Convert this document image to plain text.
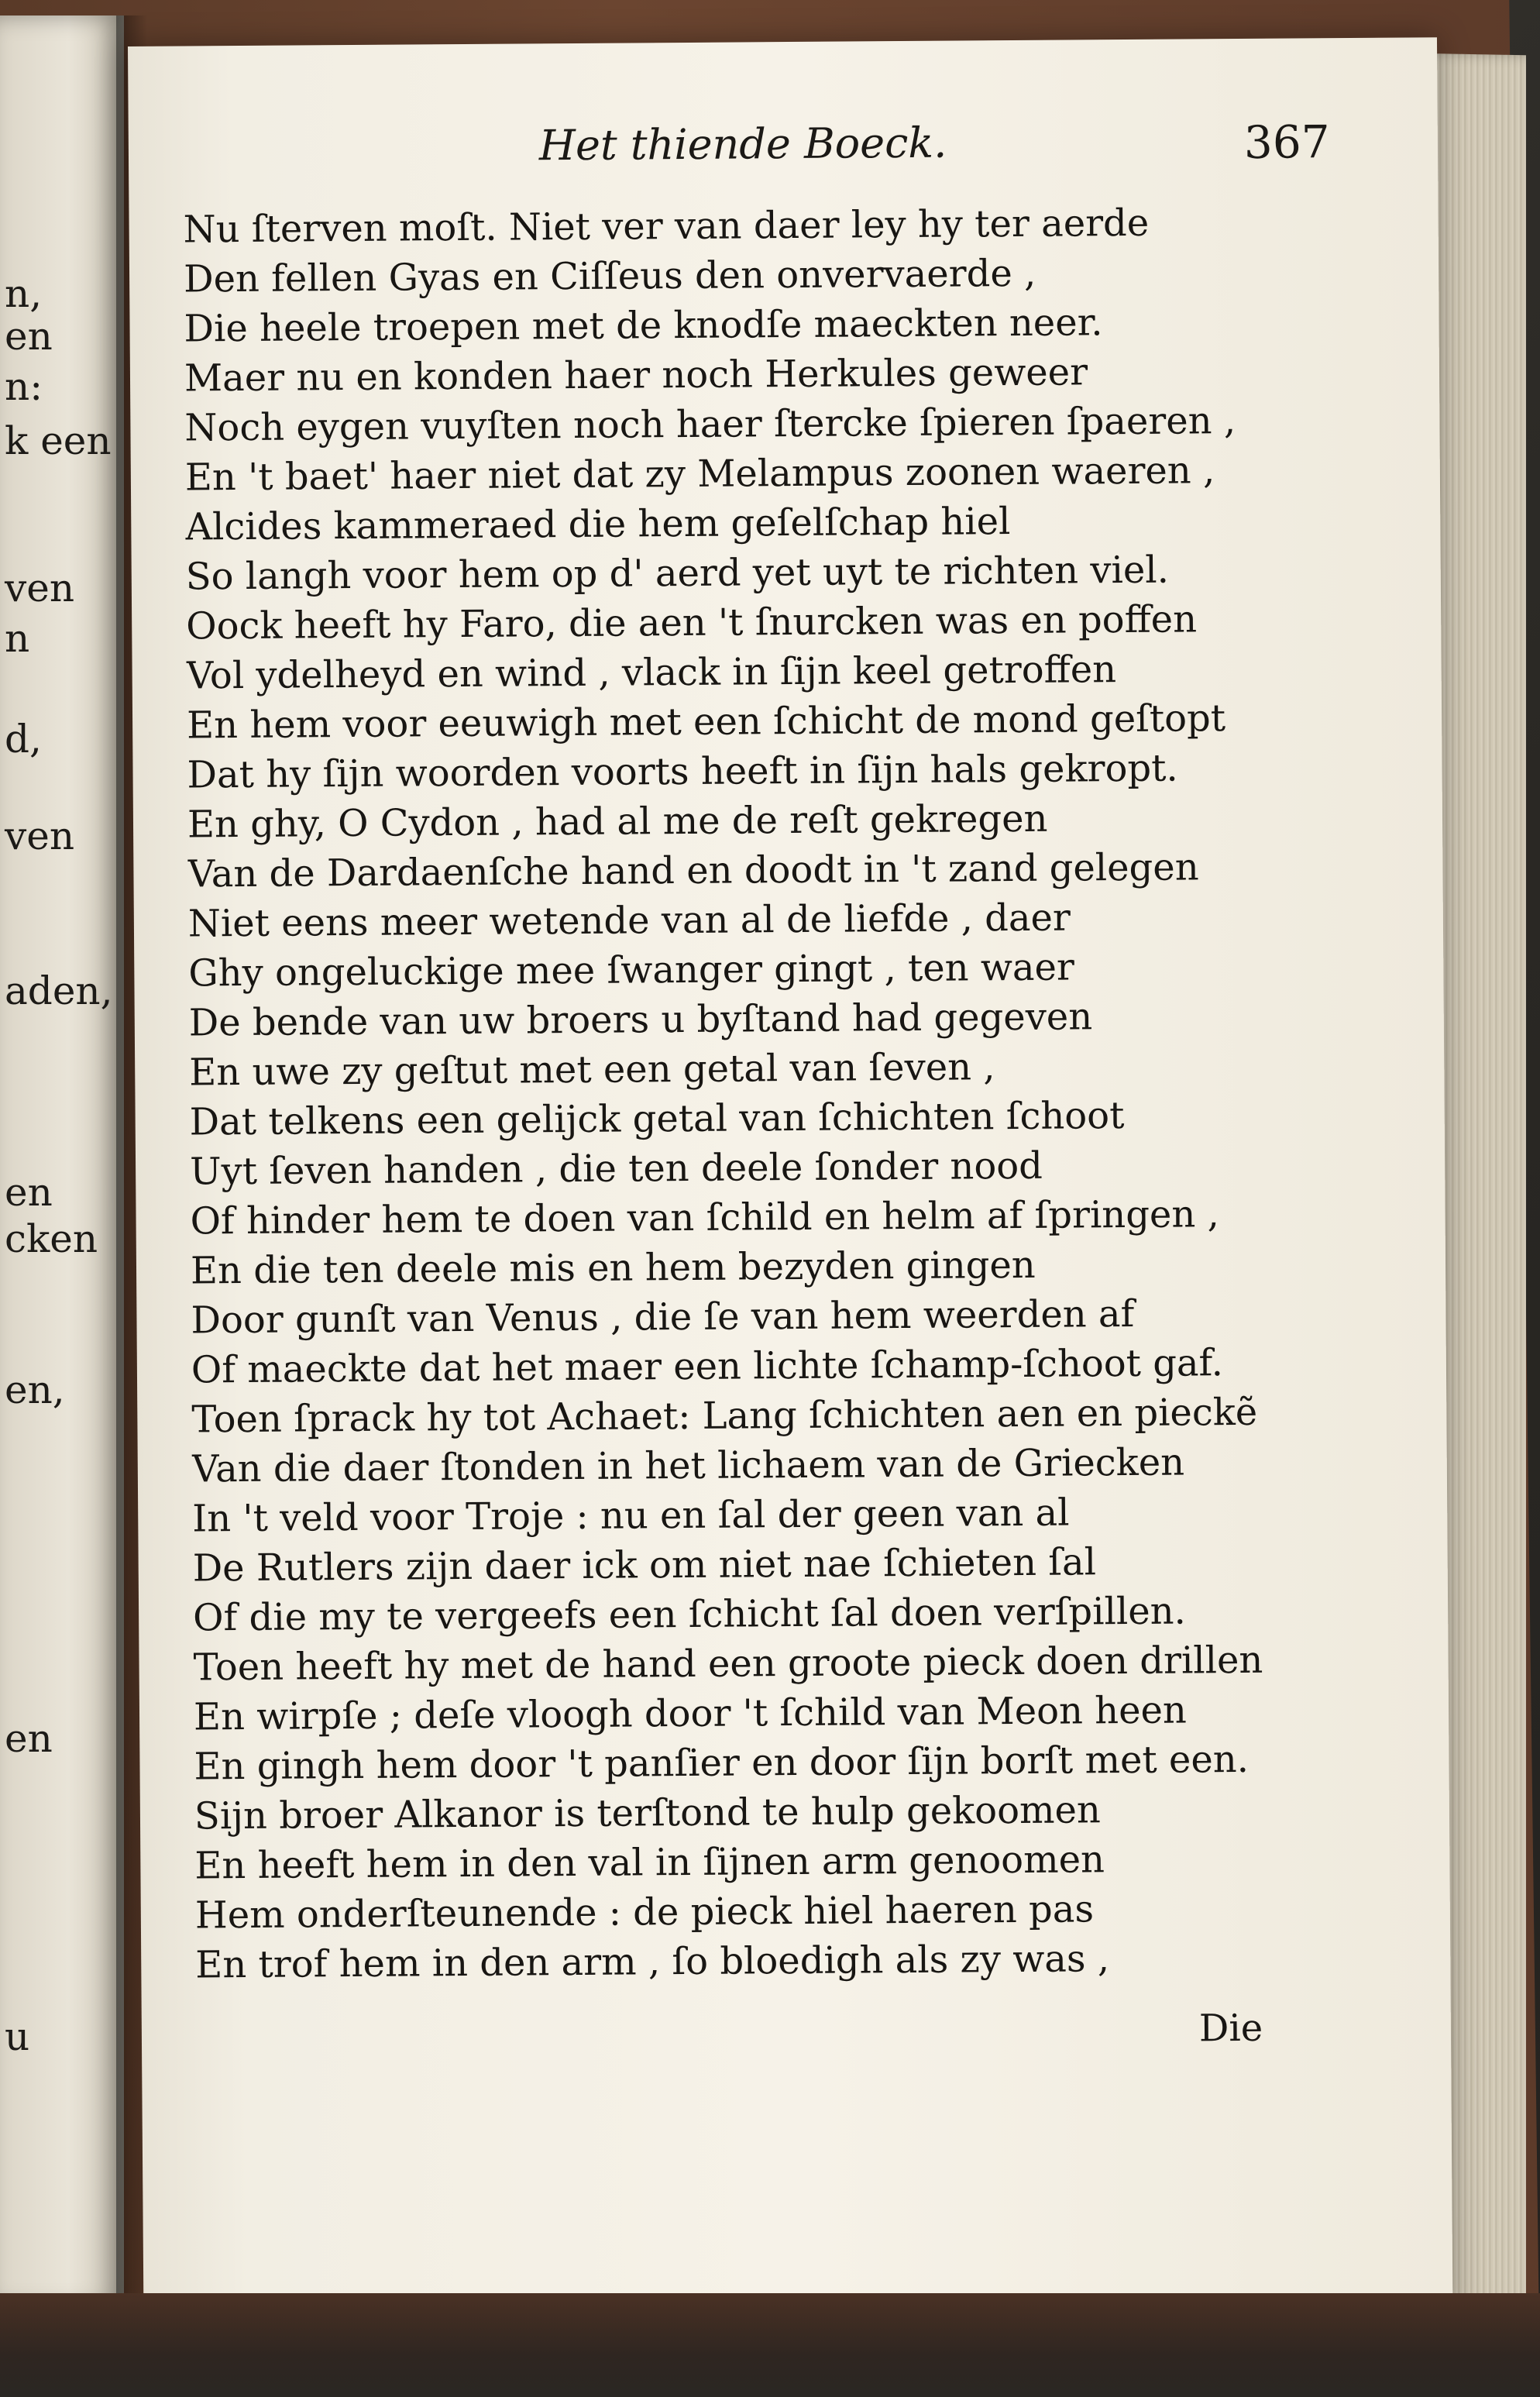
n,
en
n:
k een
ven
n
d,
ven
aden,
en
cken
en,
en
u
Het thiende Boeck.	367
Nu ſterven moſt. Niet ver van daer ley hy ter aerde
Den fellen Gyas en Ciſſeus den onvervaerde ,
Die heele troepen met de knodſe maeckten neer.
Maer nu en konden haer noch Herkules geweer
Noch eygen vuyſten noch haer ſtercke ſpieren ſpaeren ,
En 't baet' haer niet dat zy Melampus zoonen waeren ,
Alcides kammeraed die hem geſelſchap hiel
So langh voor hem op d' aerd yet uyt te richten viel.
Oock heeft hy Faro, die aen 't ſnurcken was en poffen
Vol ydelheyd en wind , vlack in ſijn keel getroffen
En hem voor eeuwigh met een ſchicht de mond geſtopt
Dat hy ſijn woorden voorts heeft in ſijn hals gekropt.
En ghy, O Cydon , had al me de reſt gekregen
Van de Dardaenſche hand en doodt in 't zand gelegen
Niet eens meer wetende van al de liefde , daer
Ghy ongeluckige mee ſwanger gingt , ten waer
De bende van uw broers u byſtand had gegeven
En uwe zy geſtut met een getal van ſeven ,
Dat telkens een gelijck getal van ſchichten ſchoot
Uyt ſeven handen , die ten deele ſonder nood
Of hinder hem te doen van ſchild en helm af ſpringen ,
En die ten deele mis en hem bezyden gingen
Door gunſt van Venus , die ſe van hem weerden af
Of maeckte dat het maer een lichte ſchamp-ſchoot gaf.
Toen ſprack hy tot Achaet: Lang ſchichten aen en pieckẽ
Van die daer ſtonden in het lichaem van de Griecken
In 't veld voor Troje : nu en ſal der geen van al
De Rutlers zijn daer ick om niet nae ſchieten ſal
Of die my te vergeefs een ſchicht ſal doen verſpillen.
Toen heeft hy met de hand een groote pieck doen drillen
En wirpſe ; deſe vloogh door 't ſchild van Meon heen
En gingh hem door 't panſier en door ſijn borſt met een.
Sijn broer Alkanor is terſtond te hulp gekoomen
En heeft hem in den val in ſijnen arm genoomen
Hem onderſteunende : de pieck hiel haeren pas
En trof hem in den arm , ſo bloedigh als zy was ,
Die
